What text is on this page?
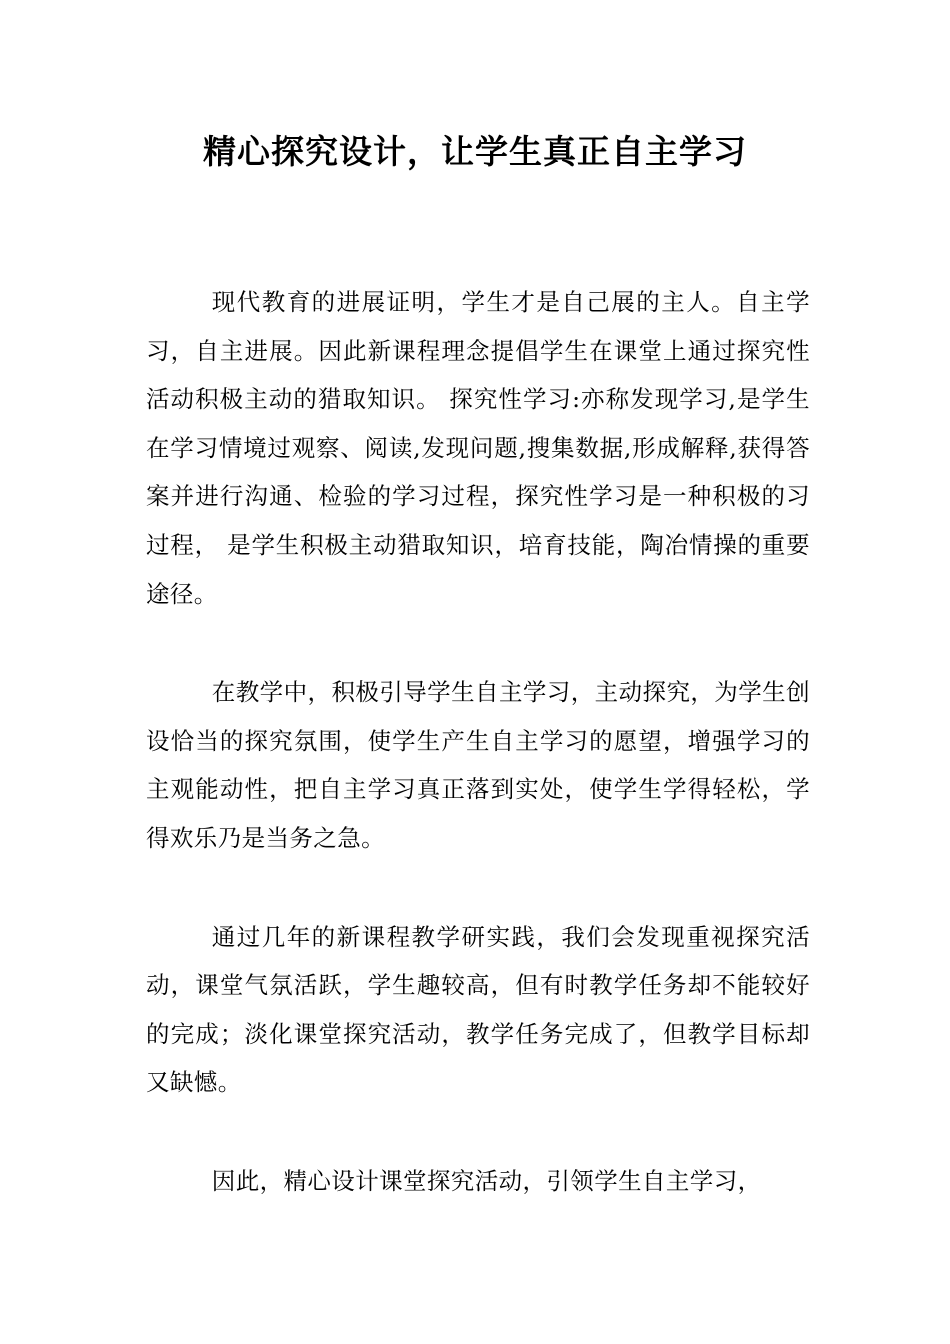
精心探究设计，让学生真正自主学习

现代教育的进展证明，学生才是自己展的主人。自主学习，自主进展。因此新课程理念提倡学生在课堂上通过探究性活动积极主动的猎取知识。 探究性学习:亦称发现学习,是学生在学习情境过观察、阅读,发现问题,搜集数据,形成解释,获得答案并进行沟通、检验的学习过程，探究性学习是一种积极的习过程， 是学生积极主动猎取知识，培育技能，陶冶情操的重要途径。

在教学中，积极引导学生自主学习，主动探究，为学生创设恰当的探究氛围，使学生产生自主学习的愿望，增强学习的主观能动性，把自主学习真正落到实处，使学生学得轻松，学得欢乐乃是当务之急。

通过几年的新课程教学研实践，我们会发现重视探究活动，课堂气氛活跃，学生趣较高，但有时教学任务却不能较好的完成；淡化课堂探究活动，教学任务完成了，但教学目标却又缺憾。

因此，精心设计课堂探究活动，引领学生自主学习，
